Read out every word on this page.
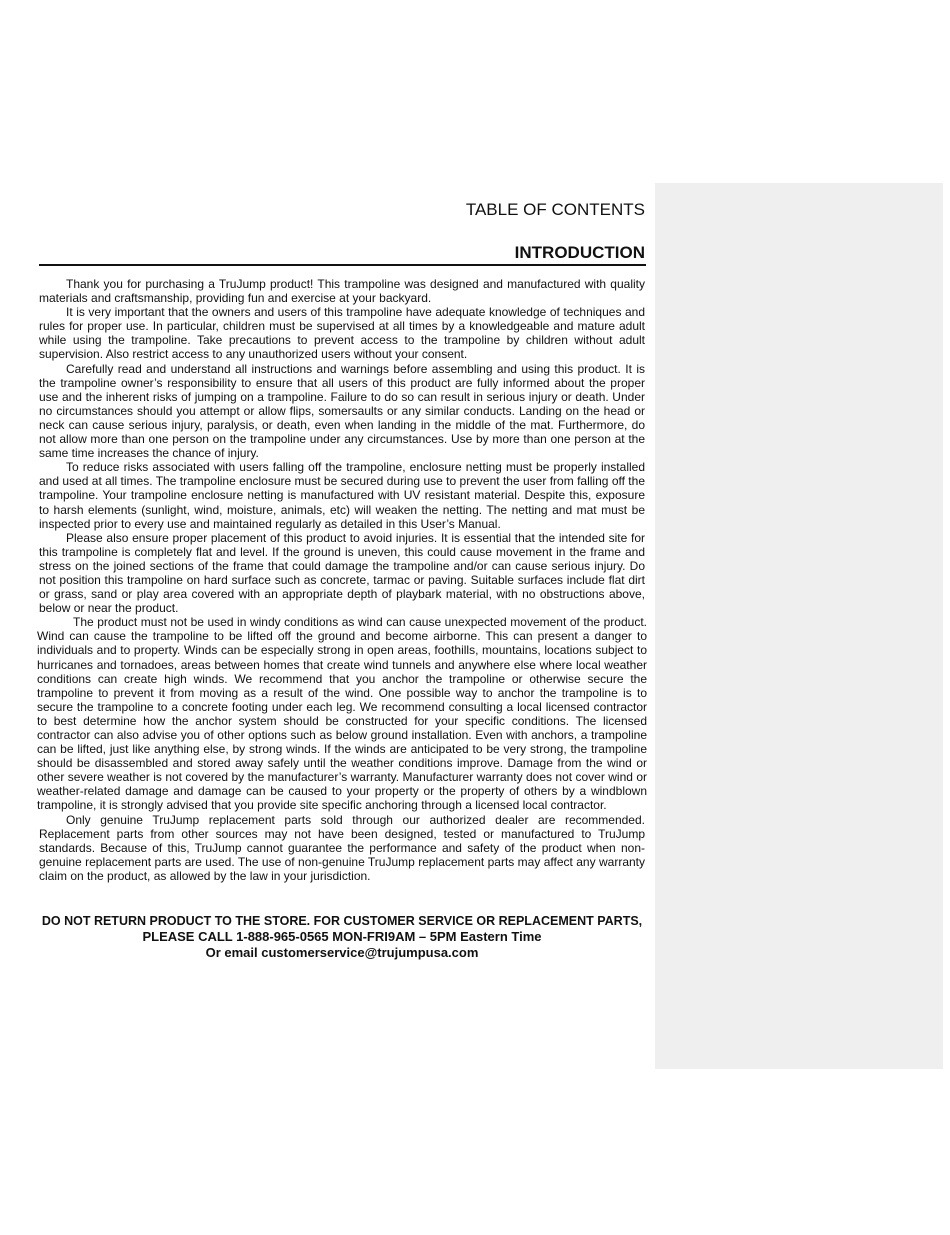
TABLE OF CONTENTS
INTRODUCTION

Thank you for purchasing a TruJump product! This trampoline was designed and manufactured with quality materials and craftsmanship, providing fun and exercise at your backyard.

It is very important that the owners and users of this trampoline have adequate knowledge of techniques and rules for proper use. In particular, children must be supervised at all times by a knowledgeable and mature adult while using the trampoline. Take precautions to prevent access to the trampoline by children without adult supervision. Also restrict access to any unauthorized users without your consent.

Carefully read and understand all instructions and warnings before assembling and using this product. It is the trampoline owner’s responsibility to ensure that all users of this product are fully informed about the proper use and the inherent risks of jumping on a trampoline. Failure to do so can result in serious injury or death. Under no circumstances should you attempt or allow flips, somersaults or any similar conducts. Landing on the head or neck can cause serious injury, paralysis, or death, even when landing in the middle of the mat. Furthermore, do not allow more than one person on the trampoline under any circumstances. Use by more than one person at the same time increases the chance of injury.

To reduce risks associated with users falling off the trampoline, enclosure netting must be properly installed and used at all times. The trampoline enclosure must be secured during use to prevent the user from falling off the trampoline. Your trampoline enclosure netting is manufactured with UV resistant material. Despite this, exposure to harsh elements (sunlight, wind, moisture, animals, etc) will weaken the netting. The netting and mat must be inspected prior to every use and maintained regularly as detailed in this User’s Manual.

Please also ensure proper placement of this product to avoid injuries. It is essential that the intended site for this trampoline is completely flat and level. If the ground is uneven, this could cause movement in the frame and stress on the joined sections of the frame that could damage the trampoline and/or can cause serious injury. Do not position this trampoline on hard surface such as concrete, tarmac or paving. Suitable surfaces include flat dirt or grass, sand or play area covered with an appropriate depth of playbark material, with no obstructions above, below or near the product.

The product must not be used in windy conditions as wind can cause unexpected movement of the product. Wind can cause the trampoline to be lifted off the ground and become airborne. This can present a danger to individuals and to property. Winds can be especially strong in open areas, foothills, mountains, locations subject to hurricanes and tornadoes, areas between homes that create wind tunnels and anywhere else where local weather conditions can create high winds. We recommend that you anchor the trampoline or otherwise secure the trampoline to prevent it from moving as a result of the wind. One possible way to anchor the trampoline is to secure the trampoline to a concrete footing under each leg. We recommend consulting a local licensed contractor to best determine how the anchor system should be constructed for your specific conditions. The licensed contractor can also advise you of other options such as below ground installation. Even with anchors, a trampoline can be lifted, just like anything else, by strong winds. If the winds are anticipated to be very strong, the trampoline should be disassembled and stored away safely until the weather conditions improve. Damage from the wind or other severe weather is not covered by the manufacturer’s warranty. Manufacturer warranty does not cover wind or weather-related damage and damage can be caused to your property or the property of others by a windblown trampoline, it is strongly advised that you provide site specific anchoring through a licensed local contractor.

Only genuine TruJump replacement parts sold through our authorized dealer are recommended. Replacement parts from other sources may not have been designed, tested or manufactured to TruJump standards. Because of this, TruJump cannot guarantee the performance and safety of the product when non-genuine replacement parts are used. The use of non-genuine TruJump replacement parts may affect any warranty claim on the product, as allowed by the law in your jurisdiction.

DO NOT RETURN PRODUCT TO THE STORE. FOR CUSTOMER SERVICE OR REPLACEMENT PARTS,
PLEASE CALL 1-888-965-0565 MON-FRI9AM – 5PM Eastern Time
Or email customerservice@trujumpusa.com
